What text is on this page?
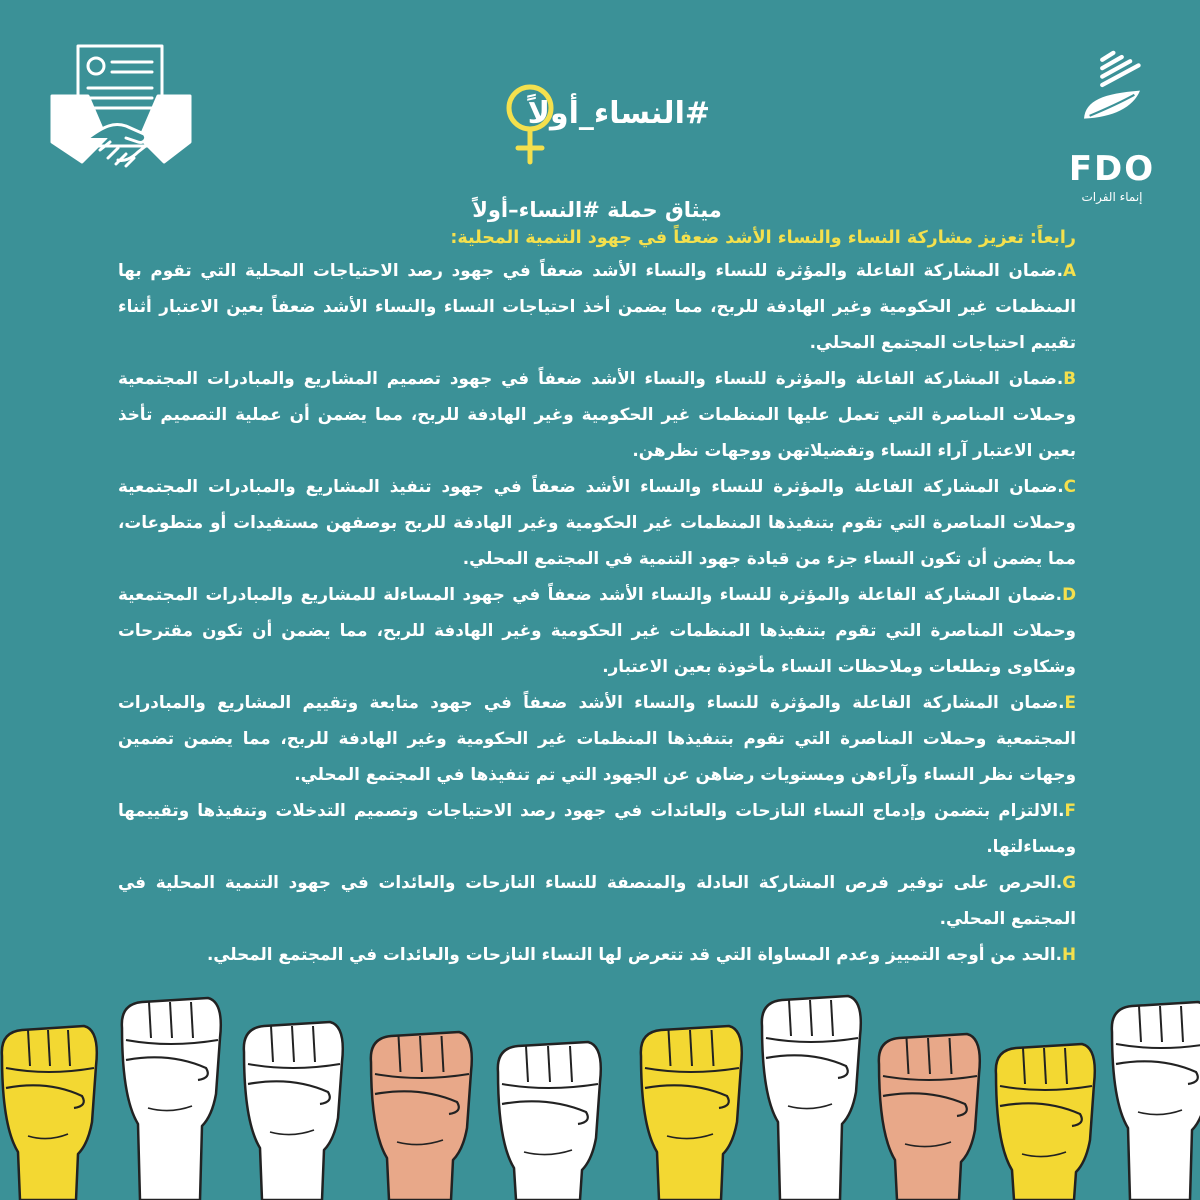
#النساء_أولاً
FDO
إنماء الفرات
ميثاق حملة #النساء–أولاً
رابعاً: تعزيز مشاركة النساء والنساء الأشد ضعفاً في جهود التنمية المحلية:
A.ضمان المشاركة الفاعلة والمؤثرة للنساء والنساء الأشد ضعفاً في جهود رصد الاحتياجات المحلية التي تقوم بها المنظمات غير الحكومية وغير الهادفة للربح، مما يضمن أخذ احتياجات النساء والنساء الأشد ضعفاً بعين الاعتبار أثناء تقييم احتياجات المجتمع المحلي.
B.ضمان المشاركة الفاعلة والمؤثرة للنساء والنساء الأشد ضعفاً في جهود تصميم المشاريع والمبادرات المجتمعية وحملات المناصرة التي تعمل عليها المنظمات غير الحكومية وغير الهادفة للربح، مما يضمن أن عملية التصميم تأخذ بعين الاعتبار آراء النساء وتفضيلاتهن ووجهات نظرهن.
C.ضمان المشاركة الفاعلة والمؤثرة للنساء والنساء الأشد ضعفاً في جهود تنفيذ المشاريع والمبادرات المجتمعية وحملات المناصرة التي تقوم بتنفيذها المنظمات غير الحكومية وغير الهادفة للربح بوصفهن مستفيدات أو متطوعات، مما يضمن أن تكون النساء جزء من قيادة جهود التنمية في المجتمع المحلي.
D.ضمان المشاركة الفاعلة والمؤثرة للنساء والنساء الأشد ضعفاً في جهود المساءلة للمشاريع والمبادرات المجتمعية وحملات المناصرة التي تقوم بتنفيذها المنظمات غير الحكومية وغير الهادفة للربح، مما يضمن أن تكون مقترحات وشكاوى وتطلعات وملاحظات النساء مأخوذة بعين الاعتبار.
E.ضمان المشاركة الفاعلة والمؤثرة للنساء والنساء الأشد ضعفاً في جهود متابعة وتقييم المشاريع والمبادرات المجتمعية وحملات المناصرة التي تقوم بتنفيذها المنظمات غير الحكومية وغير الهادفة للربح، مما يضمن تضمين وجهات نظر النساء وآراءهن ومستويات رضاهن عن الجهود التي تم تنفيذها في المجتمع المحلي.
F.الالتزام بتضمن وإدماج النساء النازحات والعائدات في جهود رصد الاحتياجات وتصميم التدخلات وتنفيذها وتقييمها ومساءلتها.
G.الحرص على توفير فرص المشاركة العادلة والمنصفة للنساء النازحات والعائدات في جهود التنمية المحلية في المجتمع المحلي.
H.الحد من أوجه التمييز وعدم المساواة التي قد تتعرض لها النساء النازحات والعائدات في المجتمع المحلي.
